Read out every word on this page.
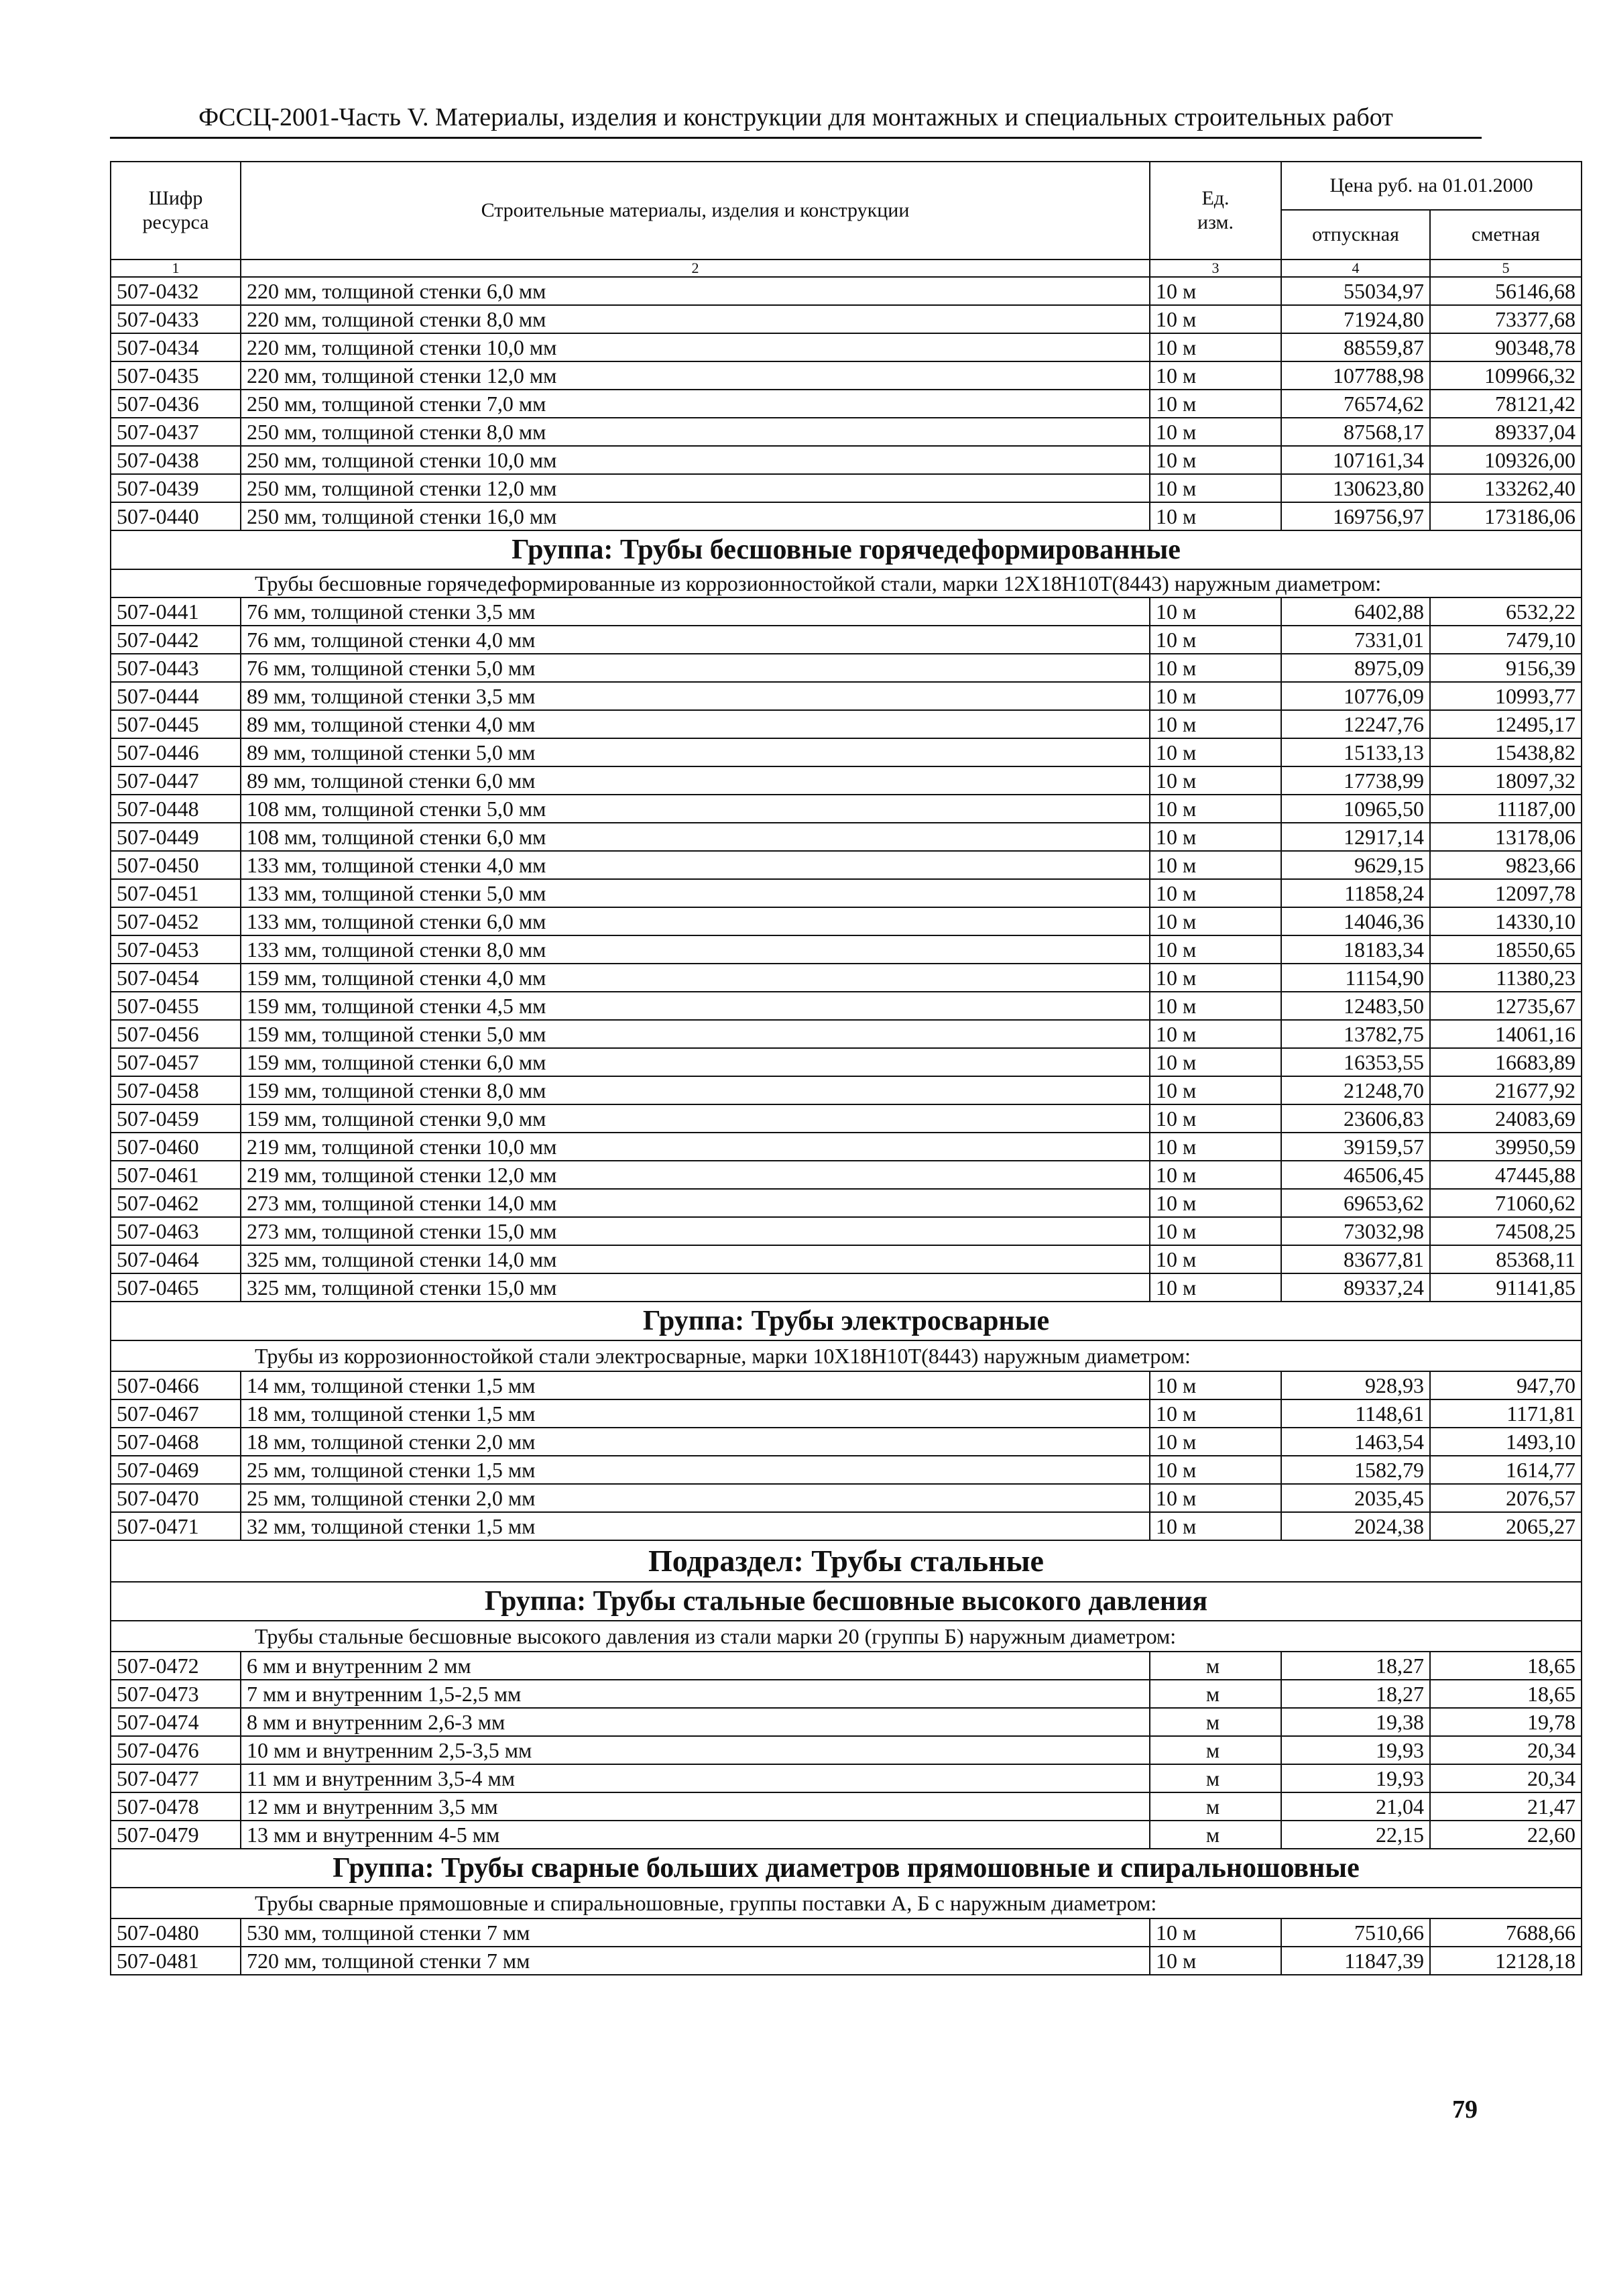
ФССЦ-2001-Часть V. Материалы, изделия и конструкции для монтажных и специальных строительных работ
Шифр ресурса	Строительные материалы, изделия и конструкции	Ед. изм.	Цена руб. на 01.01.2000	
			отпускная	сметная
1	2	3	4	5
507-0432	220 мм, толщиной стенки 6,0 мм	10 м	55034,97	56146,68
507-0433	220 мм, толщиной стенки 8,0 мм	10 м	71924,80	73377,68
507-0434	220 мм, толщиной стенки 10,0 мм	10 м	88559,87	90348,78
507-0435	220 мм, толщиной стенки 12,0 мм	10 м	107788,98	109966,32
507-0436	250 мм, толщиной стенки 7,0 мм	10 м	76574,62	78121,42
507-0437	250 мм, толщиной стенки 8,0 мм	10 м	87568,17	89337,04
507-0438	250 мм, толщиной стенки 10,0 мм	10 м	107161,34	109326,00
507-0439	250 мм, толщиной стенки 12,0 мм	10 м	130623,80	133262,40
507-0440	250 мм, толщиной стенки 16,0 мм	10 м	169756,97	173186,06
Группа: Трубы бесшовные горячедеформированные				
Трубы бесшовные горячедеформированные из коррозионностойкой стали, марки 12Х18Н10Т(8443) наружным диаметром:				
507-0441	76 мм, толщиной стенки 3,5 мм	10 м	6402,88	6532,22
507-0442	76 мм, толщиной стенки 4,0 мм	10 м	7331,01	7479,10
507-0443	76 мм, толщиной стенки 5,0 мм	10 м	8975,09	9156,39
507-0444	89 мм, толщиной стенки 3,5 мм	10 м	10776,09	10993,77
507-0445	89 мм, толщиной стенки 4,0 мм	10 м	12247,76	12495,17
507-0446	89 мм, толщиной стенки 5,0 мм	10 м	15133,13	15438,82
507-0447	89 мм, толщиной стенки 6,0 мм	10 м	17738,99	18097,32
507-0448	108 мм, толщиной стенки 5,0 мм	10 м	10965,50	11187,00
507-0449	108 мм, толщиной стенки 6,0 мм	10 м	12917,14	13178,06
507-0450	133 мм, толщиной стенки 4,0 мм	10 м	9629,15	9823,66
507-0451	133 мм, толщиной стенки 5,0 мм	10 м	11858,24	12097,78
507-0452	133 мм, толщиной стенки 6,0 мм	10 м	14046,36	14330,10
507-0453	133 мм, толщиной стенки 8,0 мм	10 м	18183,34	18550,65
507-0454	159 мм, толщиной стенки 4,0 мм	10 м	11154,90	11380,23
507-0455	159 мм, толщиной стенки 4,5 мм	10 м	12483,50	12735,67
507-0456	159 мм, толщиной стенки 5,0 мм	10 м	13782,75	14061,16
507-0457	159 мм, толщиной стенки 6,0 мм	10 м	16353,55	16683,89
507-0458	159 мм, толщиной стенки 8,0 мм	10 м	21248,70	21677,92
507-0459	159 мм, толщиной стенки 9,0 мм	10 м	23606,83	24083,69
507-0460	219 мм, толщиной стенки 10,0 мм	10 м	39159,57	39950,59
507-0461	219 мм, толщиной стенки 12,0 мм	10 м	46506,45	47445,88
507-0462	273 мм, толщиной стенки 14,0 мм	10 м	69653,62	71060,62
507-0463	273 мм, толщиной стенки 15,0 мм	10 м	73032,98	74508,25
507-0464	325 мм, толщиной стенки 14,0 мм	10 м	83677,81	85368,11
507-0465	325 мм, толщиной стенки 15,0 мм	10 м	89337,24	91141,85
Группа: Трубы электросварные				
Трубы из коррозионностойкой стали электросварные, марки 10Х18Н10Т(8443) наружным диаметром:				
507-0466	14 мм, толщиной стенки 1,5 мм	10 м	928,93	947,70
507-0467	18 мм, толщиной стенки 1,5 мм	10 м	1148,61	1171,81
507-0468	18 мм, толщиной стенки 2,0 мм	10 м	1463,54	1493,10
507-0469	25 мм, толщиной стенки 1,5 мм	10 м	1582,79	1614,77
507-0470	25 мм, толщиной стенки 2,0 мм	10 м	2035,45	2076,57
507-0471	32 мм, толщиной стенки 1,5 мм	10 м	2024,38	2065,27
Подраздел: Трубы стальные				
Группа: Трубы стальные бесшовные высокого давления				
Трубы стальные бесшовные высокого давления из стали марки 20 (группы Б) наружным диаметром:				
507-0472	6 мм и внутренним 2 мм	м	18,27	18,65
507-0473	7 мм и внутренним 1,5-2,5 мм	м	18,27	18,65
507-0474	8 мм и внутренним 2,6-3 мм	м	19,38	19,78
507-0476	10 мм и внутренним 2,5-3,5 мм	м	19,93	20,34
507-0477	11 мм и внутренним 3,5-4 мм	м	19,93	20,34
507-0478	12 мм и внутренним 3,5 мм	м	21,04	21,47
507-0479	13 мм и внутренним 4-5 мм	м	22,15	22,60
Группа: Трубы сварные больших диаметров прямошовные и спиральношовные				
Трубы сварные прямошовные и спиральношовные, группы поставки А, Б с наружным диаметром:				
507-0480	530 мм, толщиной стенки 7 мм	10 м	7510,66	7688,66
507-0481	720 мм, толщиной стенки 7 мм	10 м	11847,39	12128,18
79
